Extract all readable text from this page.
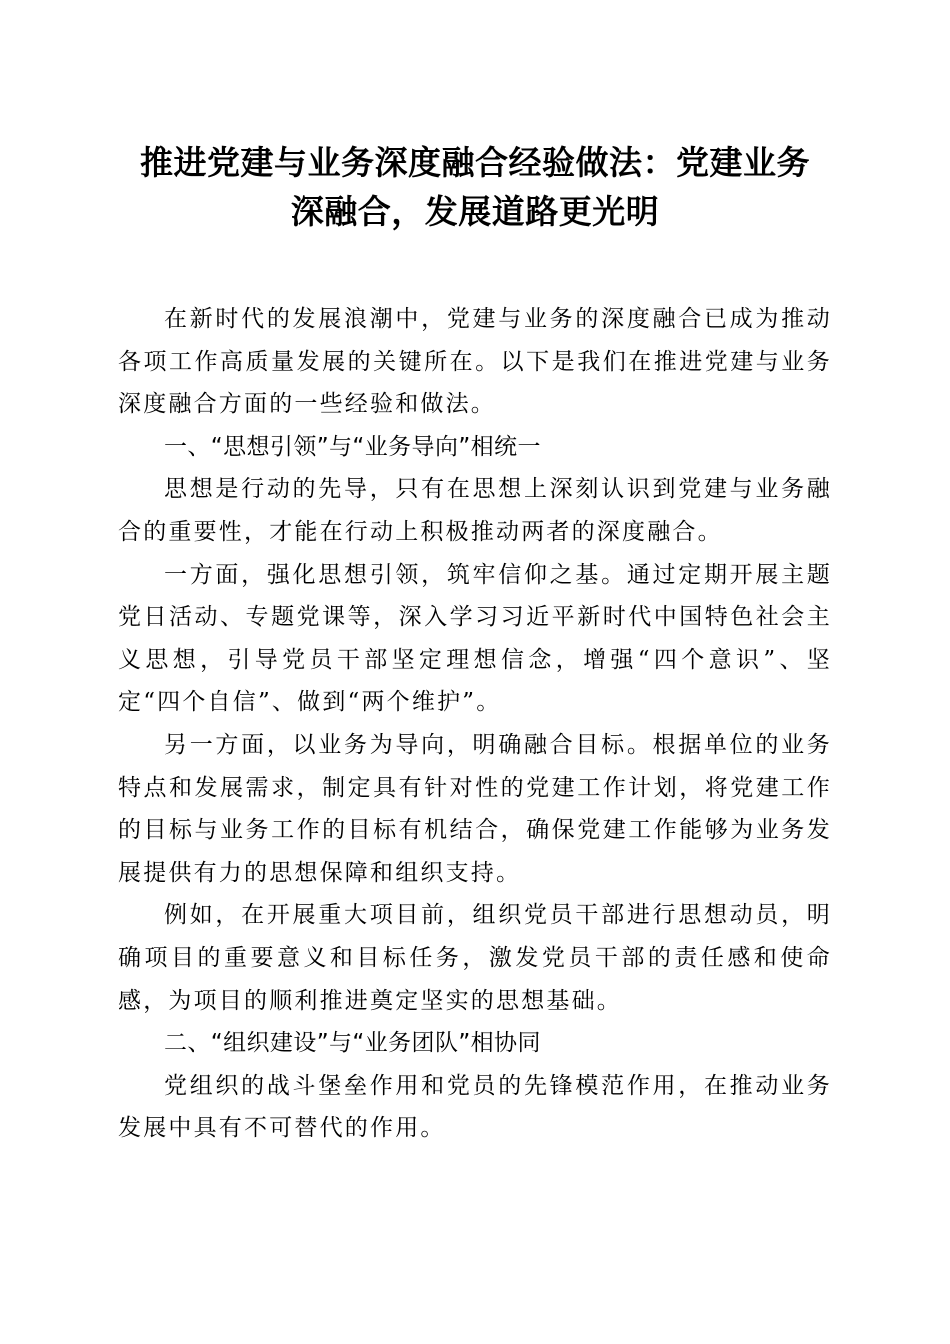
推进党建与业务深度融合经验做法：党建业务
深融合，发展道路更光明

在新时代的发展浪潮中，党建与业务的深度融合已成为推动各项工作高质量发展的关键所在。以下是我们在推进党建与业务深度融合方面的一些经验和做法。

一、“思想引领”与“业务导向”相统一

思想是行动的先导，只有在思想上深刻认识到党建与业务融合的重要性，才能在行动上积极推动两者的深度融合。

一方面，强化思想引领，筑牢信仰之基。通过定期开展主题党日活动、专题党课等，深入学习习近平新时代中国特色社会主义思想，引导党员干部坚定理想信念，增强“四个意识”、坚定“四个自信”、做到“两个维护”。

另一方面，以业务为导向，明确融合目标。根据单位的业务特点和发展需求，制定具有针对性的党建工作计划，将党建工作的目标与业务工作的目标有机结合，确保党建工作能够为业务发展提供有力的思想保障和组织支持。

例如，在开展重大项目前，组织党员干部进行思想动员，明确项目的重要意义和目标任务，激发党员干部的责任感和使命感，为项目的顺利推进奠定坚实的思想基础。

二、“组织建设”与“业务团队”相协同

党组织的战斗堡垒作用和党员的先锋模范作用，在推动业务发展中具有不可替代的作用。
